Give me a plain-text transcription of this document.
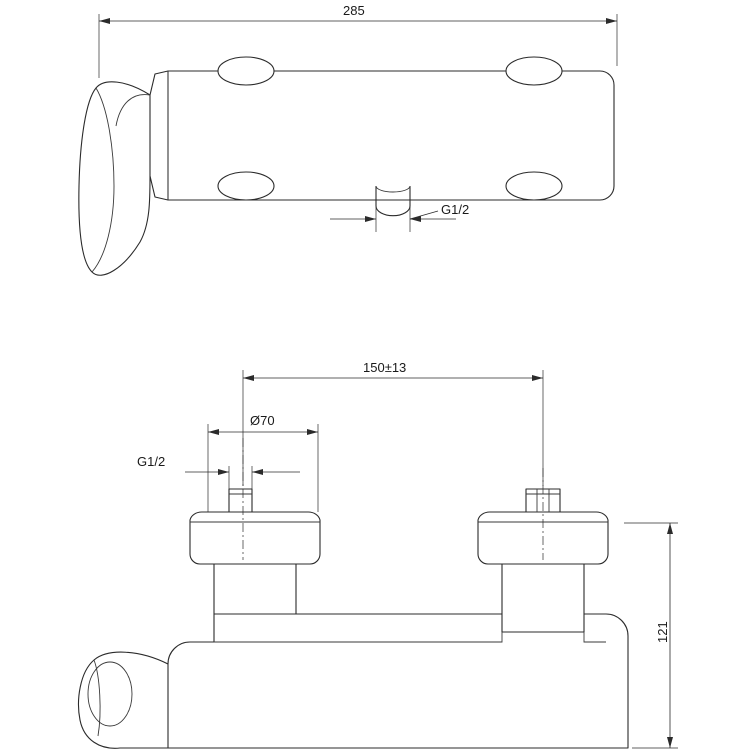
285
G1/2
150±13
Ø70
G1/2
121
